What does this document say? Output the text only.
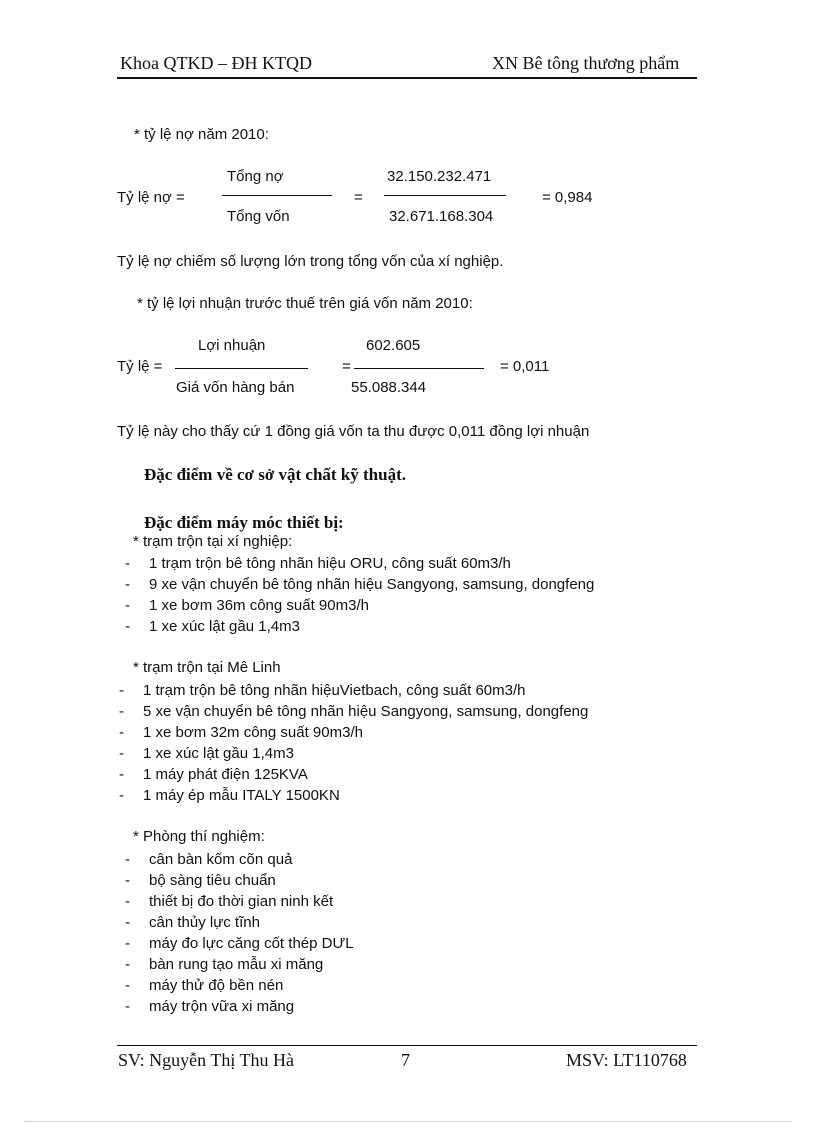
Khoa QTKD – ĐH KTQD	XN Bê tông thương phẩm
* tỷ lệ nợ năm 2010:
Tỷ lệ nợ =
Tổng nợ
Tổng vốn
=
32.150.232.471
32.671.168.304
= 0,984
Tỷ lệ nợ chiếm số lượng lớn trong tổng vốn của xí nghiệp.
* tỷ lệ lợi nhuận trước thuế trên giá vốn năm 2010:
Tỷ lệ =
Lợi nhuận
Giá vốn hàng bán
=
602.605
55.088.344
= 0,011
Tỷ lệ này cho thấy cứ 1 đồng giá vốn ta thu được 0,011 đồng lợi nhuận
Đặc điểm về cơ sở vật chất kỹ thuật.
Đặc điểm máy móc thiết bị:
* trạm trộn tại xí nghiệp:
- 1 trạm trộn bê tông nhãn hiệu ORU, công suất 60m3/h
- 9 xe vận chuyển bê tông nhãn hiệu Sangyong, samsung, dongfeng
- 1 xe bơm 36m công suất 90m3/h
- 1 xe xúc lật gầu 1,4m3
* trạm trộn tại Mê Linh
- 1 trạm trộn bê tông nhãn hiệuVietbach, công suất 60m3/h
- 5 xe vận chuyển bê tông nhãn hiệu Sangyong, samsung, dongfeng
- 1 xe bơm 32m công suất 90m3/h
- 1 xe xúc lật gầu 1,4m3
- 1 máy phát điện 125KVA
- 1 máy ép mẫu ITALY 1500KN
* Phòng thí nghiệm:
- cân bàn kốm cõn quả
- bộ sàng tiêu chuẩn
- thiết bị đo thời gian ninh kết
- cân thủy lực tĩnh
- máy đo lực căng cốt thép DƯL
- bàn rung tạo mẫu xi măng
- máy thử độ bền nén
- máy trộn vữa xi măng
SV: Nguyễn Thị Thu Hà	7	MSV: LT110768
